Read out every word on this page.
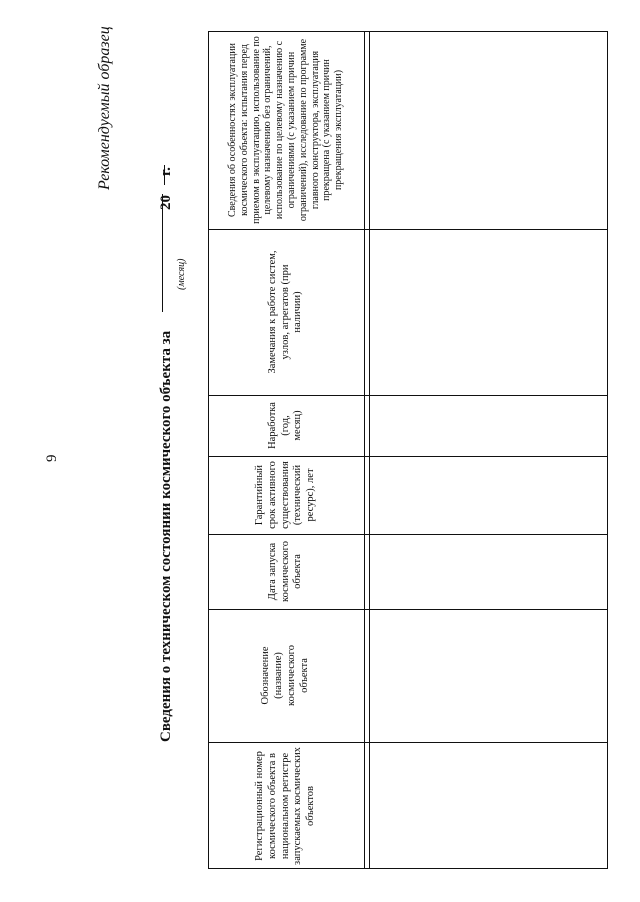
9
Рекомендуемый образец
Сведения о техническом состоянии космического объекта за
(месяц)
20
г.
Регистрационный номер космического объекта в национальном регистре запускаемых космических объектов
Обозначение (название) космического объекта
Дата запуска космического объекта
Гарантийный срок активного существования (технический ресурс), лет
Наработка (год, месяц)
Замечания к работе систем, узлов, агрегатов (при наличии)
Сведения об особенностях эксплуатации космического объекта: испытания перед приемом в эксплуатацию, использование по целевому назначению без ограничений, использование по целевому назначению с ограничениями (с указанием причин ограничений), исследование по программе главного конструктора, эксплуатация прекращена (с указанием причин прекращения эксплуатации)
